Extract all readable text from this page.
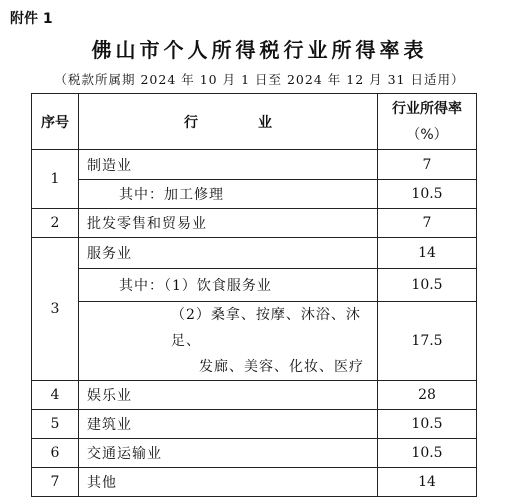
附件 1
佛山市个人所得税行业所得率表
（税款所属期 2024 年 10 月 1 日至 2024 年 12 月 31 日适用）
序号	行业	行业所得率
（%）

1	制造业	7
	其中：加工修理	10.5
2	批发零售和贸易业	7
3	服务业	14
	其中：（1）饮食服务业	10.5

	（2）桑拿、按摩、沐浴、沐足、
发廊、美容、化妆、医疗	17.5
4	娱乐业	28
5	建筑业	10.5
6	交通运输业	10.5
7	其他	14
